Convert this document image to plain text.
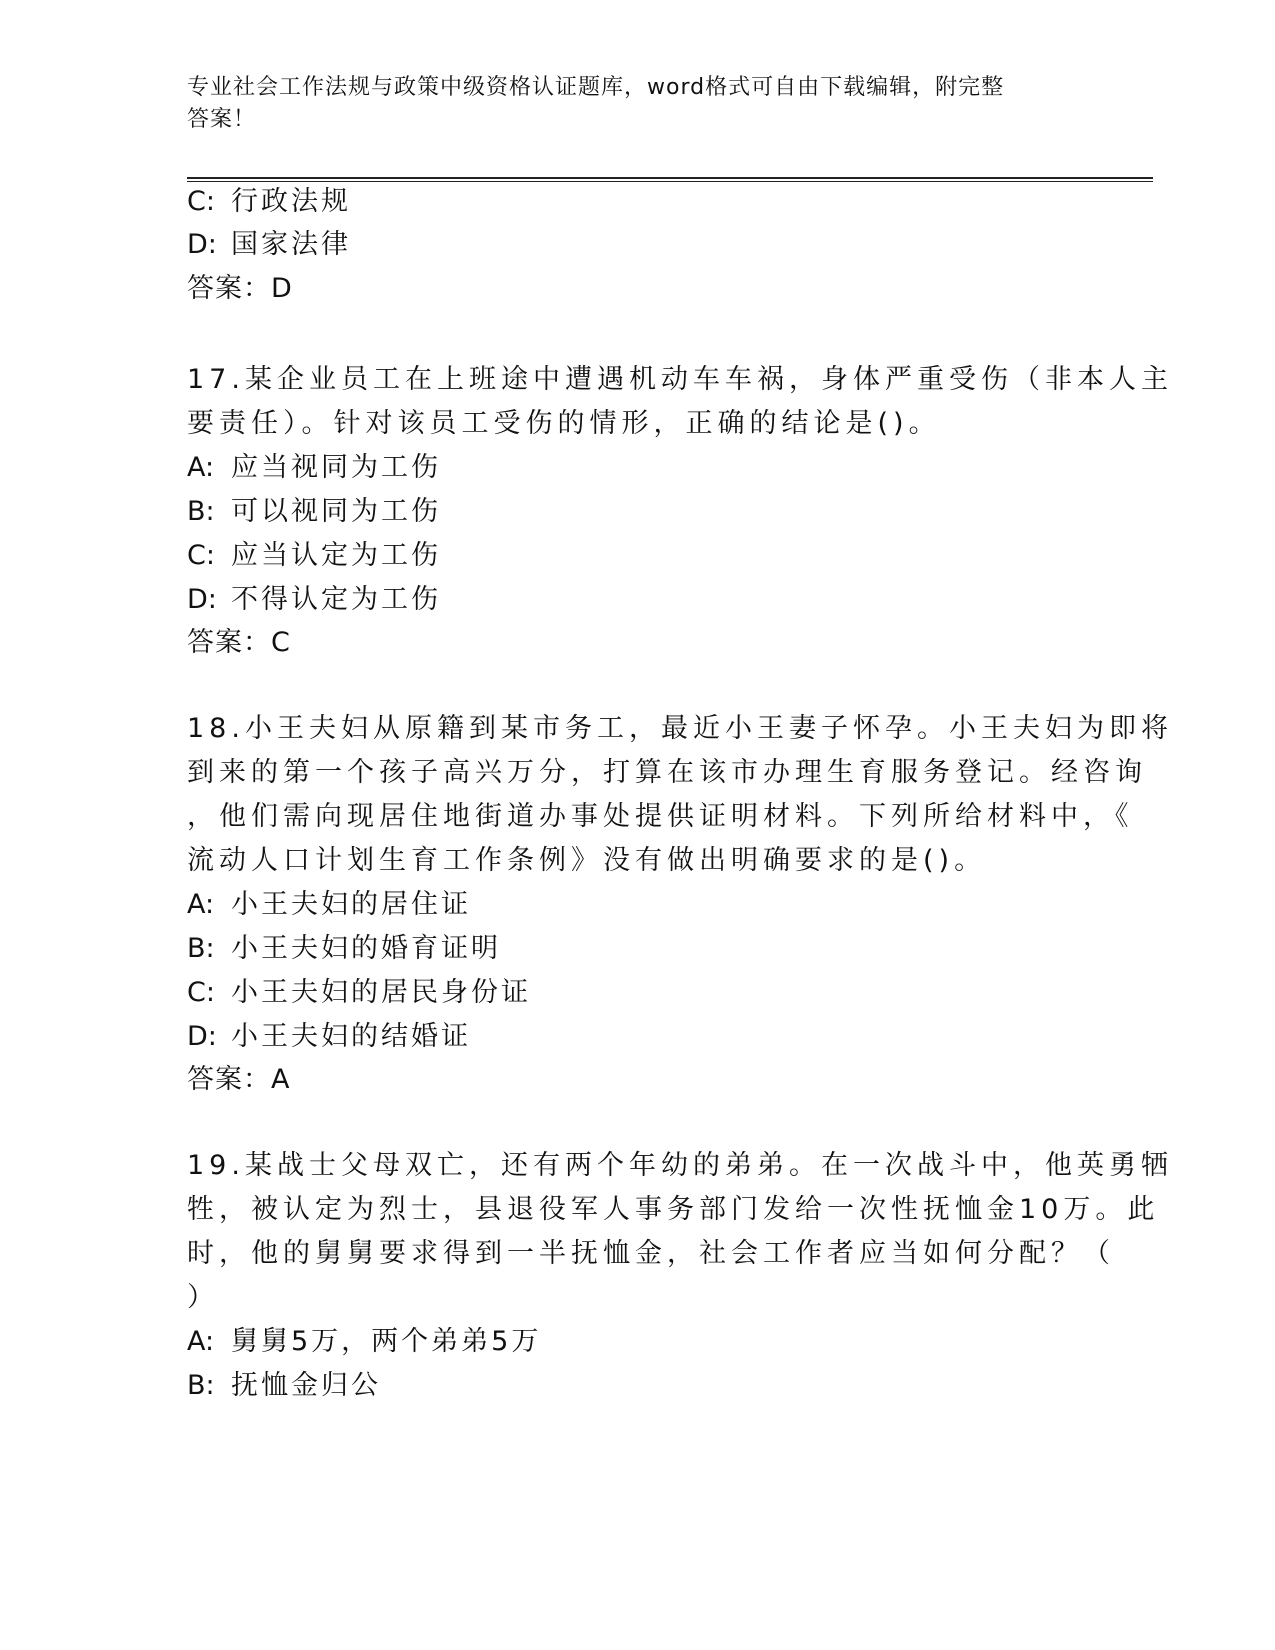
专业社会工作法规与政策中级资格认证题库，word格式可自由下载编辑，附完整
答案！
C: 行政法规
D: 国家法律
答案：D
17.某企业员工在上班途中遭遇机动车车祸，身体严重受伤（非本人主
要责任）。针对该员工受伤的情形，正确的结论是()。
A: 应当视同为工伤
B: 可以视同为工伤
C: 应当认定为工伤
D: 不得认定为工伤
答案：C
18.小王夫妇从原籍到某市务工，最近小王妻子怀孕。小王夫妇为即将
到来的第一个孩子高兴万分，打算在该市办理生育服务登记。经咨询
，他们需向现居住地街道办事处提供证明材料。下列所给材料中，《
流动人口计划生育工作条例》没有做出明确要求的是()。
A: 小王夫妇的居住证
B: 小王夫妇的婚育证明
C: 小王夫妇的居民身份证
D: 小王夫妇的结婚证
答案：A
19.某战士父母双亡，还有两个年幼的弟弟。在一次战斗中，他英勇牺
牲，被认定为烈士，县退役军人事务部门发给一次性抚恤金10万。此
时，他的舅舅要求得到一半抚恤金，社会工作者应当如何分配？（
）
A: 舅舅5万，两个弟弟5万
B: 抚恤金归公
